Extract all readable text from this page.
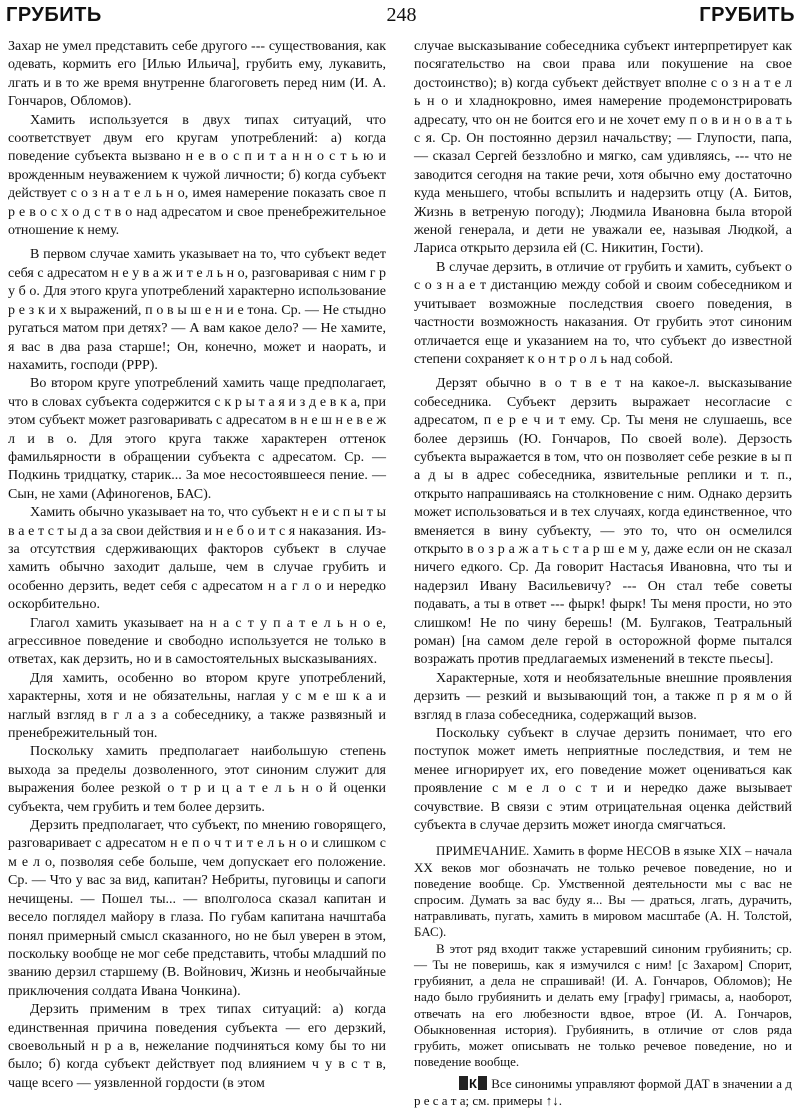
ГРУБИТЬ	248	ГРУБИТЬ

Захар не умел представить себе другого --- существования, как одевать, кормить его [Илью Ильича], грубить ему, лукавить, лгать и в то же время внутренне благоговеть перед ним (И. А. Гончаров, Обломов).

Хамить используется в двух типах ситуаций, что соответствует двум его кругам употреблений: а) когда поведение субъекта вызвано н е в о с п и т а н н о с т ь ю и врожденным неуважением к чужой личности; б) когда субъект действует с о з н а т е л ь н о, имея намерение показать свое п р е в о с х о д с т в о над адресатом и свое пренебрежительное отношение к нему.

В первом случае хамить указывает на то, что субъект ведет себя с адресатом н е у в а ж и т е л ь н о, разговаривая с ним г р у б о. Для этого круга употреблений характерно использование р е з к и х выражений, п о в ы ш е н и е тона. Ср. — Не стыдно ругаться матом при детях? — А вам какое дело? — Не хамите, я вас в два раза старше!; Он, конечно, может и наорать, и нахамить, господи (РРР).

Во втором круге употреблений хамить чаще предполагает, что в словах субъекта содержится с к р ы т а я и з д е в к а, при этом субъект может разговаривать с адресатом в н е ш н е в е ж л и в о. Для этого круга также характерен оттенок фамильярности в обращении субъекта с адресатом. Ср. — Подкинь тридцатку, старик... За мое несостоявшееся пение. — Сын, не хами (Афиногенов, БАС).

Хамить обычно указывает на то, что субъект н е и с п ы т ы в а е т с т ы д а за свои действия и н е б о и т с я наказания. Из-за отсутствия сдерживающих факторов субъект в случае хамить обычно заходит дальше, чем в случае грубить и особенно дерзить, ведет себя с адресатом н а г л о и нередко оскорбительно.

Глагол хамить указывает на н а с т у п а т е л ь н о е, агрессивное поведение и свободно используется не только в ответах, как дерзить, но и в самостоятельных высказываниях.

Для хамить, особенно во втором круге употреблений, характерны, хотя и не обязательны, наглая у с м е ш к а и наглый взгляд в г л а з а собеседнику, а также развязный и пренебрежительный тон.

Поскольку хамить предполагает наибольшую степень выхода за пределы дозволенного, этот синоним служит для выражения более резкой о т р и ц а т е л ь н о й оценки субъекта, чем грубить и тем более дерзить.

Дерзить предполагает, что субъект, по мнению говорящего, разговаривает с адресатом н е п о ч т и т е л ь н о и слишком с м е л о, позволяя себе больше, чем допускает его положение. Ср. — Что у вас за вид, капитан? Небриты, пуговицы и сапоги нечищены. — Пошел ты... — вполголоса сказал капитан и весело поглядел майору в глаза. По губам капитана начштаба понял примерный смысл сказанного, но не был уверен в этом, поскольку вообще не мог себе представить, чтобы младший по званию дерзил старшему (В. Войнович, Жизнь и необычайные приключения солдата Ивана Чонкина).

Дерзить применим в трех типах ситуаций: а) когда единственная причина поведения субъекта — его дерзкий, своевольный н р а в, нежелание подчиняться кому бы то ни было; б) когда субъект действует под влиянием ч у в с т в, чаще всего — уязвленной гордости (в этом

случае высказывание собеседника субъект интерпретирует как посягательство на свои права или покушение на свое достоинство); в) когда субъект действует вполне с о з н а т е л ь н о и хладнокровно, имея намерение продемонстрировать адресату, что он не боится его и не хочет ему п о в и н о в а т ь с я. Ср. Он постоянно дерзил начальству; — Глупости, папа, — сказал Сергей беззлобно и мягко, сам удивляясь, --- что не заводится сегодня на такие речи, хотя обычно ему достаточно куда меньшего, чтобы вспылить и надерзить отцу (А. Битов, Жизнь в ветреную погоду); Людмила Ивановна была второй женой генерала, и дети не уважали ее, называя Людкой, а Лариса открыто дерзила ей (С. Никитин, Гости).

В случае дерзить, в отличие от грубить и хамить, субъект о с о з н а е т дистанцию между собой и своим собеседником и учитывает возможные последствия своего поведения, в частности возможность наказания. От грубить этот синоним отличается еще и указанием на то, что субъект до известной степени сохраняет к о н т р о л ь над собой.

Дерзят обычно в о т в е т на какое-л. высказывание собеседника. Субъект дерзить выражает несогласие с адресатом, п е р е ч и т ему. Ср. Ты меня не слушаешь, все более дерзишь (Ю. Гончаров, По своей воле). Дерзость субъекта выражается в том, что он позволяет себе резкие в ы п а д ы в адрес собеседника, язвительные реплики и т. п., открыто напрашиваясь на столкновение с ним. Однако дерзить может использоваться и в тех случаях, когда единственное, что вменяется в вину субъекту, — это то, что он осмелился открыто в о з р а ж а т ь с т а р ш е м у, даже если он не сказал ничего едкого. Ср. Да говорит Настасья Ивановна, что ты и надерзил Ивану Васильевичу? --- Он стал тебе советы подавать, а ты в ответ --- фырк! фырк! Ты меня прости, но это слишком! Не по чину берешь! (М. Булгаков, Театральный роман) [на самом деле герой в осторожной форме пытался возражать против предлагаемых изменений в тексте пьесы].

Характерные, хотя и необязательные внешние проявления дерзить — резкий и вызывающий тон, а также п р я м о й взгляд в глаза собеседника, содержащий вызов.

Поскольку субъект в случае дерзить понимает, что его поступок может иметь неприятные последствия, и тем не менее игнорирует их, его поведение может оцениваться как проявление с м е л о с т и и нередко даже вызывает сочувствие. В связи с этим отрицательная оценка действий субъекта в случае дерзить может иногда смягчаться.

ПРИМЕЧАНИЕ. Хамить в форме НЕСОВ в языке XIX – начала XX веков мог обозначать не только речевое поведение, но и поведение вообще. Ср. Умственной деятельности мы с вас не спросим. Думать за вас буду я... Вы — драться, лгать, дурачить, натравливать, пугать, хамить в мировом масштабе (А. Н. Толстой, БАС).

В этот ряд входит также устаревший синоним грубиянить; ср. — Ты не поверишь, как я измучился с ним! [с Захаром] Спорит, грубиянит, а дела не спрашивай! (И. А. Гончаров, Обломов); Не надо было грубиянить и делать ему [графу] гримасы, а, наоборот, отвечать на его любезности вдвое, втрое (И. А. Гончаров, Обыкновенная история). Грубиянить, в отличие от слов ряда грубить, может описывать не только речевое поведение, но и поведение вообще.

К Все синонимы управляют формой ДАТ в значении а д р е с а т а; см. примеры ↑↓.
